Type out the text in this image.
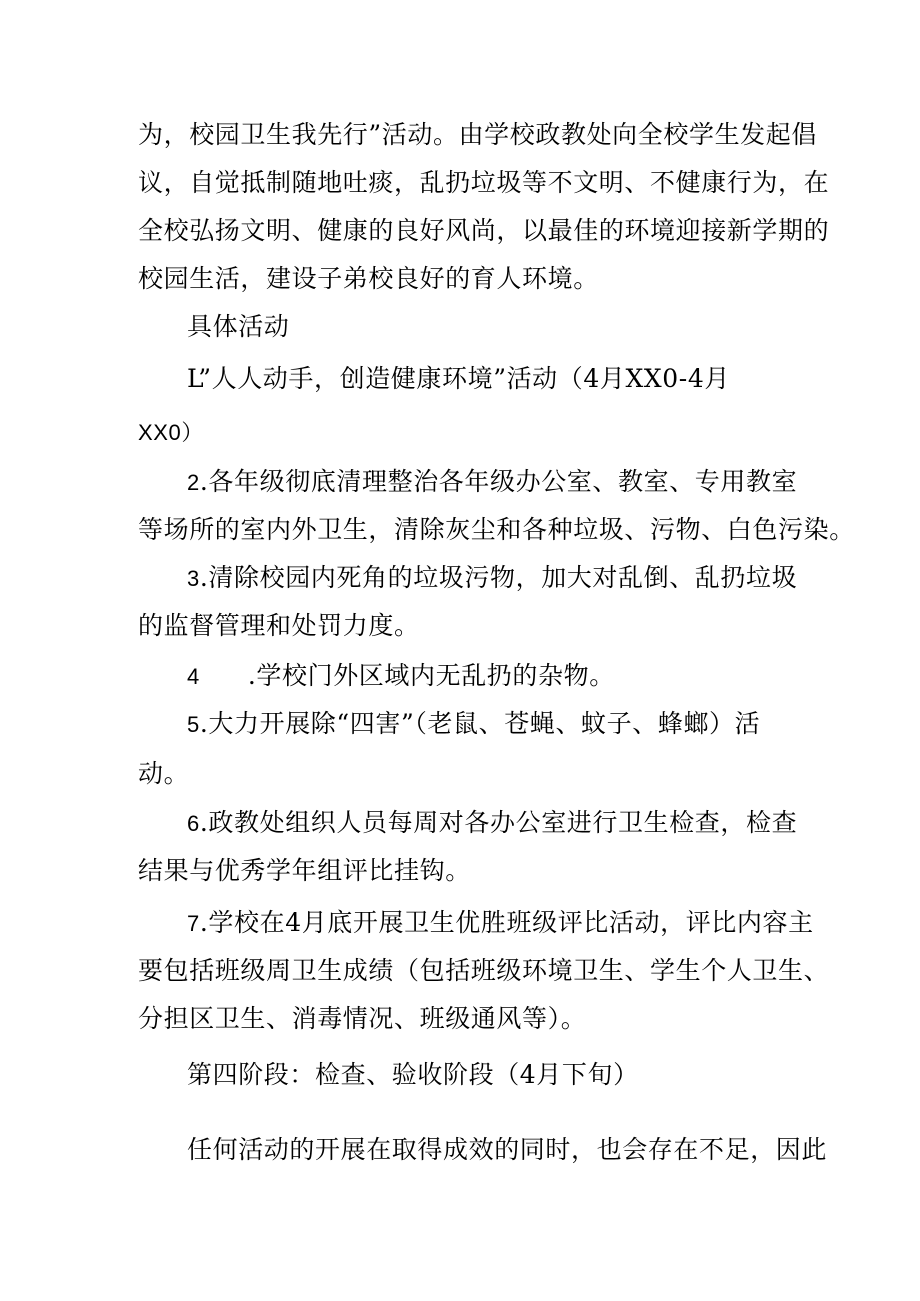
为，校园卫生我先行”活动。由学校政教处向全校学生发起倡
议，自觉抵制随地吐痰，乱扔垃圾等不文明、不健康行为，在
全校弘扬文明、健康的良好风尚，以最佳的环境迎接新学期的
校园生活，建设子弟校良好的育人环境。
具体活动
L”人人动手，创造健康环境”活动（4月XX0-4月
XX0）
2.各年级彻底清理整治各年级办公室、教室、专用教室
等场所的室内外卫生，清除灰尘和各种垃圾、污物、白色污染。
3.清除校园内死角的垃圾污物，加大对乱倒、乱扔垃圾
的监督管理和处罚力度。
4 .学校门外区域内无乱扔的杂物。
5.大力开展除“四害”（老鼠、苍蝇、蚊子、蜂螂）活
动。
6.政教处组织人员每周对各办公室进行卫生检查，检查
结果与优秀学年组评比挂钩。
7.学校在4月底开展卫生优胜班级评比活动，评比内容主
要包括班级周卫生成绩（包括班级环境卫生、学生个人卫生、
分担区卫生、消毒情况、班级通风等）。
第四阶段：检查、验收阶段（4月下旬）
任何活动的开展在取得成效的同时，也会存在不足，因此
